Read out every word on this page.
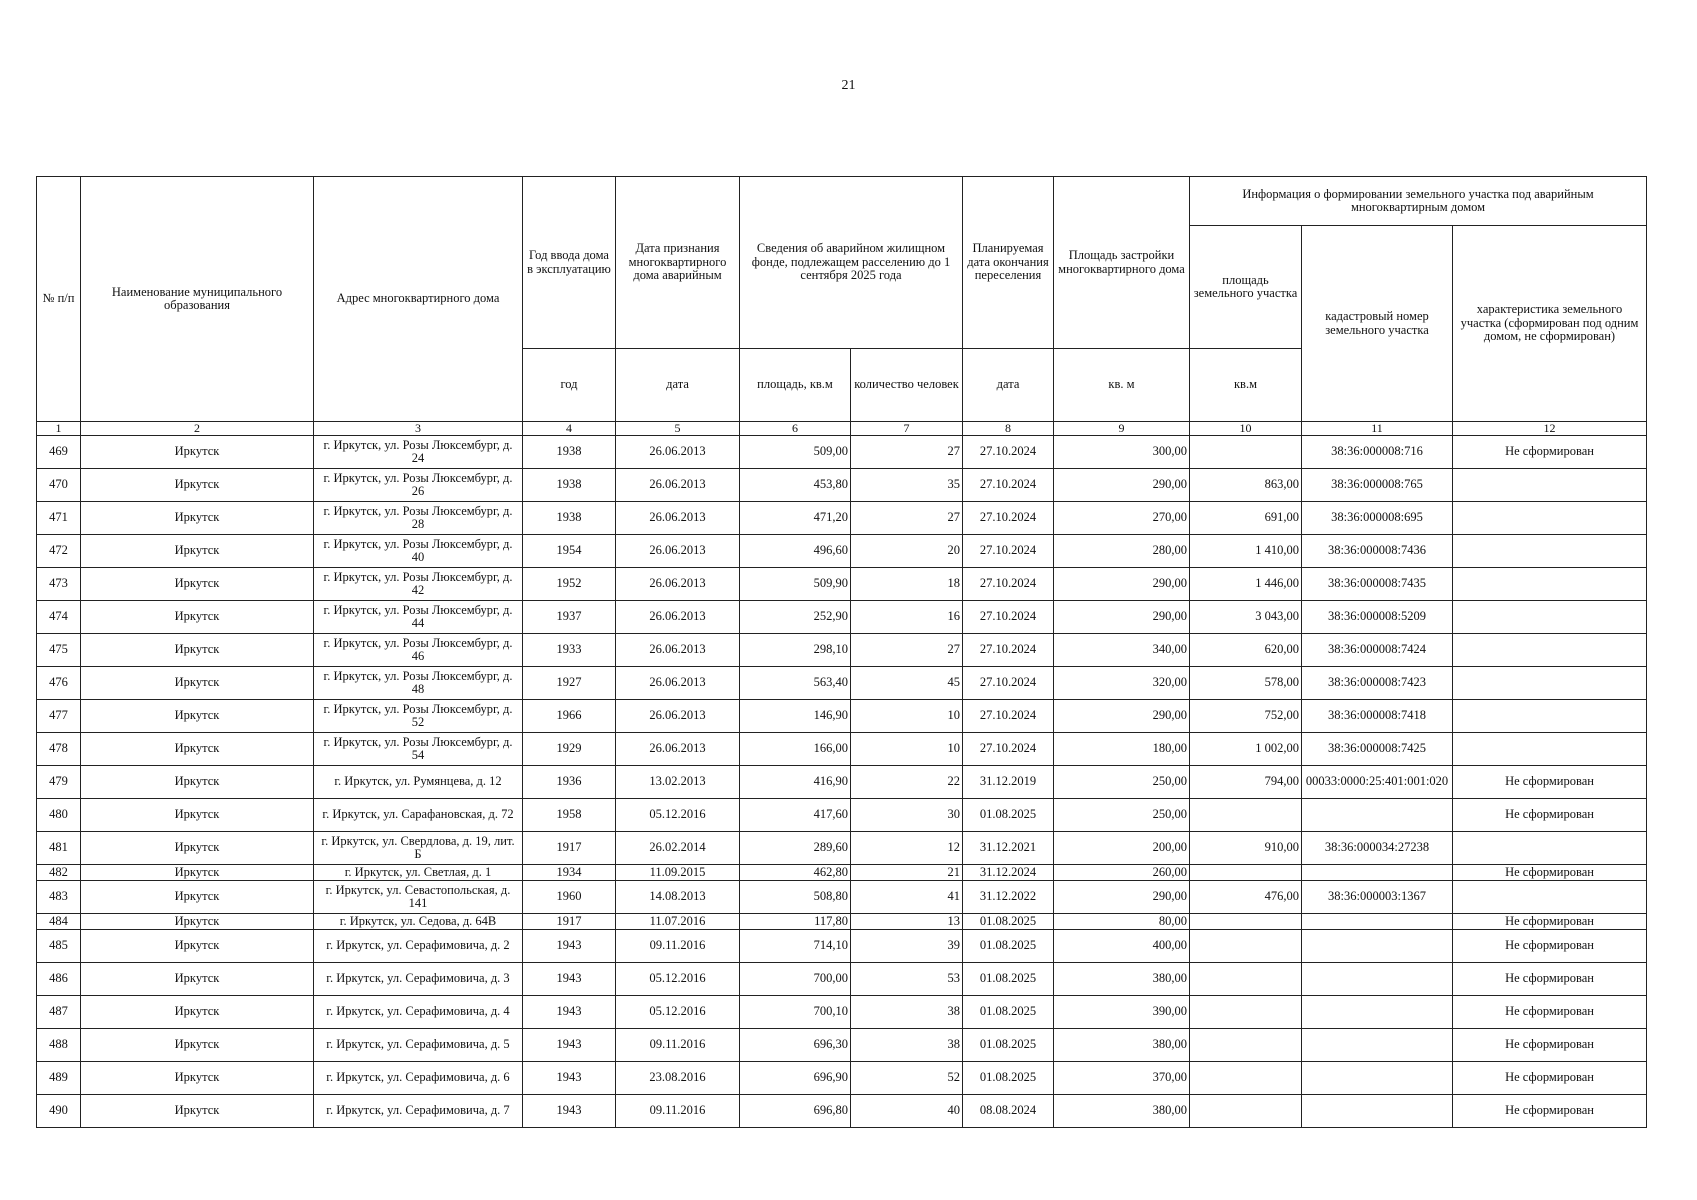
21
№ п/п	Наименование муниципального образования	Адрес многоквартирного дома	Год ввода дома в эксплуатацию	Дата признания многоквартирного дома аварийным	Сведения об аварийном жилищном фонде, подлежащем расселению до 1 сентября 2025 года		Планируемая дата окончания переселения	Площадь застройки многоквартирного дома	Информация о формировании земельного участка под аварийным многоквартирным домом		
									площадь земельного участка	кадастровый номер земельного участка	характеристика земельного участка (сформирован под одним домом, не сформирован)
			год	дата	площадь, кв.м	количество человек	дата	кв. м	кв.м		
1	2	3	4	5	6	7	8	9	10	11	12
469	Иркутск	г. Иркутск, ул. Розы Люксембург, д. 24	1938	26.06.2013	509,00	27	27.10.2024	300,00		38:36:000008:716	Не сформирован
470	Иркутск	г. Иркутск, ул. Розы Люксембург, д. 26	1938	26.06.2013	453,80	35	27.10.2024	290,00	863,00	38:36:000008:765	
471	Иркутск	г. Иркутск, ул. Розы Люксембург, д. 28	1938	26.06.2013	471,20	27	27.10.2024	270,00	691,00	38:36:000008:695	
472	Иркутск	г. Иркутск, ул. Розы Люксембург, д. 40	1954	26.06.2013	496,60	20	27.10.2024	280,00	1 410,00	38:36:000008:7436	
473	Иркутск	г. Иркутск, ул. Розы Люксембург, д. 42	1952	26.06.2013	509,90	18	27.10.2024	290,00	1 446,00	38:36:000008:7435	
474	Иркутск	г. Иркутск, ул. Розы Люксембург, д. 44	1937	26.06.2013	252,90	16	27.10.2024	290,00	3 043,00	38:36:000008:5209	
475	Иркутск	г. Иркутск, ул. Розы Люксембург, д. 46	1933	26.06.2013	298,10	27	27.10.2024	340,00	620,00	38:36:000008:7424	
476	Иркутск	г. Иркутск, ул. Розы Люксембург, д. 48	1927	26.06.2013	563,40	45	27.10.2024	320,00	578,00	38:36:000008:7423	
477	Иркутск	г. Иркутск, ул. Розы Люксембург, д. 52	1966	26.06.2013	146,90	10	27.10.2024	290,00	752,00	38:36:000008:7418	
478	Иркутск	г. Иркутск, ул. Розы Люксембург, д. 54	1929	26.06.2013	166,00	10	27.10.2024	180,00	1 002,00	38:36:000008:7425	
479	Иркутск	г. Иркутск, ул. Румянцева, д. 12	1936	13.02.2013	416,90	22	31.12.2019	250,00	794,00	00033:0000:25:401:001:020	Не сформирован
480	Иркутск	г. Иркутск, ул. Сарафановская, д. 72	1958	05.12.2016	417,60	30	01.08.2025	250,00			Не сформирован
481	Иркутск	г. Иркутск, ул. Свердлова, д. 19, лит. Б	1917	26.02.2014	289,60	12	31.12.2021	200,00	910,00	38:36:000034:27238	
482	Иркутск	г. Иркутск, ул. Светлая, д. 1	1934	11.09.2015	462,80	21	31.12.2024	260,00			Не сформирован
483	Иркутск	г. Иркутск, ул. Севастопольская, д. 141	1960	14.08.2013	508,80	41	31.12.2022	290,00	476,00	38:36:000003:1367	
484	Иркутск	г. Иркутск, ул. Седова, д. 64В	1917	11.07.2016	117,80	13	01.08.2025	80,00			Не сформирован
485	Иркутск	г. Иркутск, ул. Серафимовича, д. 2	1943	09.11.2016	714,10	39	01.08.2025	400,00			Не сформирован
486	Иркутск	г. Иркутск, ул. Серафимовича, д. 3	1943	05.12.2016	700,00	53	01.08.2025	380,00			Не сформирован
487	Иркутск	г. Иркутск, ул. Серафимовича, д. 4	1943	05.12.2016	700,10	38	01.08.2025	390,00			Не сформирован
488	Иркутск	г. Иркутск, ул. Серафимовича, д. 5	1943	09.11.2016	696,30	38	01.08.2025	380,00			Не сформирован
489	Иркутск	г. Иркутск, ул. Серафимовича, д. 6	1943	23.08.2016	696,90	52	01.08.2025	370,00			Не сформирован
490	Иркутск	г. Иркутск, ул. Серафимовича, д. 7	1943	09.11.2016	696,80	40	08.08.2024	380,00			Не сформирован
